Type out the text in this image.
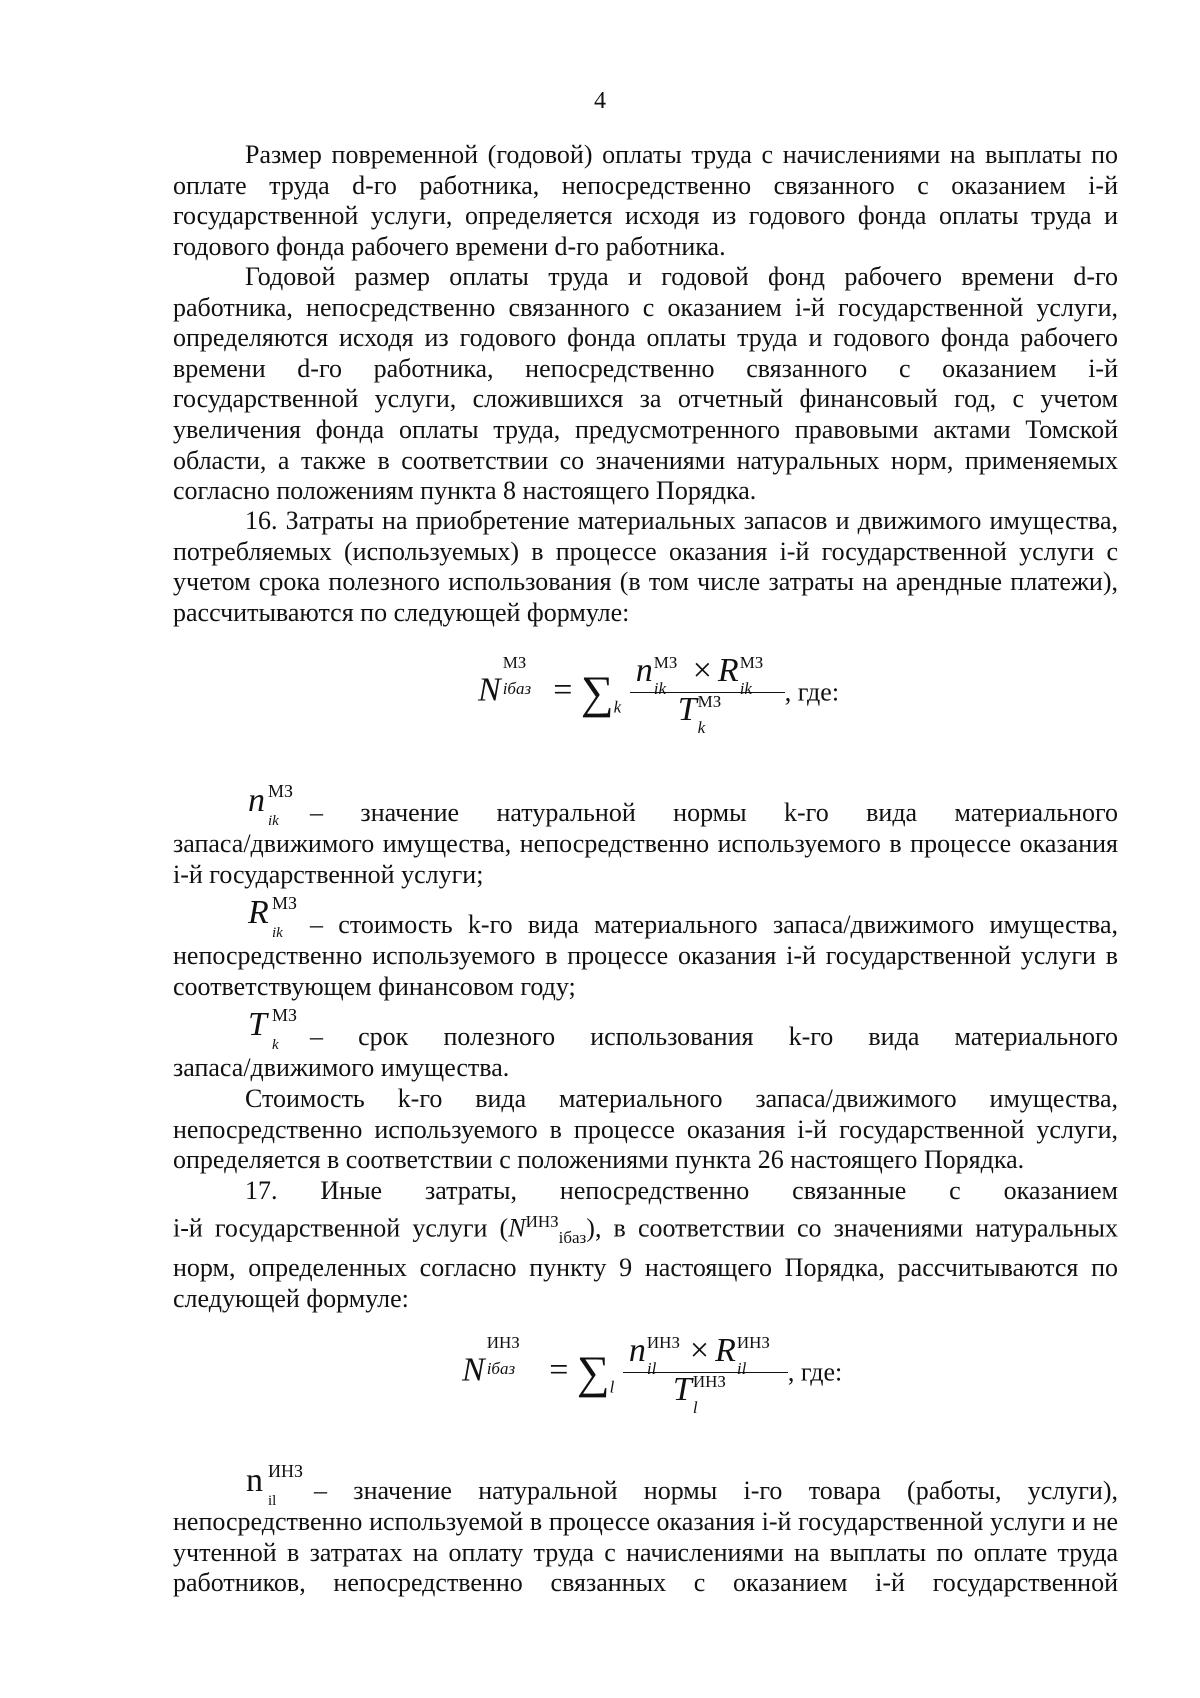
4

Размер повременной (годовой) оплаты труда с начислениями на выплаты по оплате труда d-го работника, непосредственно связанного с оказанием i-й государственной услуги, определяется исходя из годового фонда оплаты труда и годового фонда рабочего времени d-го работника.

Годовой размер оплаты труда и годовой фонд рабочего времени d-го работника, непосредственно связанного с оказанием i-й государственной услуги, определяются исходя из годового фонда оплаты труда и годового фонда рабочего времени d-го работника, непосредственно связанного с оказанием i-й государственной услуги, сложившихся за отчетный финансовый год, с учетом увеличения фонда оплаты труда, предусмотренного правовыми актами Томской области, а также в соответствии со значениями натуральных норм, применяемых согласно положениям пункта 8 настоящего Порядка.

16. Затраты на приобретение материальных запасов и движимого имущества, потребляемых (используемых) в процессе оказания i-й государственной услуги с учетом срока полезного использования (в том числе затраты на арендные платежи), рассчитываются по следующей формуле:

N
МЗ
iбаз = $\sum_k$ n МЗ
ik × R МЗ
ik
T МЗ
k , где:
n МЗ
ik – значение натуральной нормы k-го вида материального
запаса/движимого имущества, непосредственно используемого в процессе оказания i-й государственной услуги;
R МЗ
ik – стоимость k-го вида материального запаса/движимого имущества,
непосредственно используемого в процессе оказания i-й государственной услуги в соответствующем финансовом году;
T МЗ
k – срок полезного использования k-го вида материального
запаса/движимого имущества.

Стоимость k-го вида материального запаса/движимого имущества, непосредственно используемого в процессе оказания i-й государственной услуги, определяется в соответствии с положениями пункта 26 настоящего Порядка.

17. Иные затраты, непосредственно связанные с оказанием
i-й государственной услуги $(N^{ИНЗ}_{iбаз})$, в соответствии со значениями натуральных норм, определенных согласно пункту 9 настоящего Порядка, рассчитываются по следующей формуле:
N
ИНЗ
iбаз = $\sum_l$ n ИНЗ
il × R ИНЗ
il
T ИНЗ
l , где:
n ИНЗ
il – значение натуральной нормы i-го товара (работы, услуги),
непосредственно используемой в процессе оказания i-й государственной услуги и не учтенной в затратах на оплату труда с начислениями на выплаты по оплате труда работников, непосредственно связанных с оказанием i-й государственной
